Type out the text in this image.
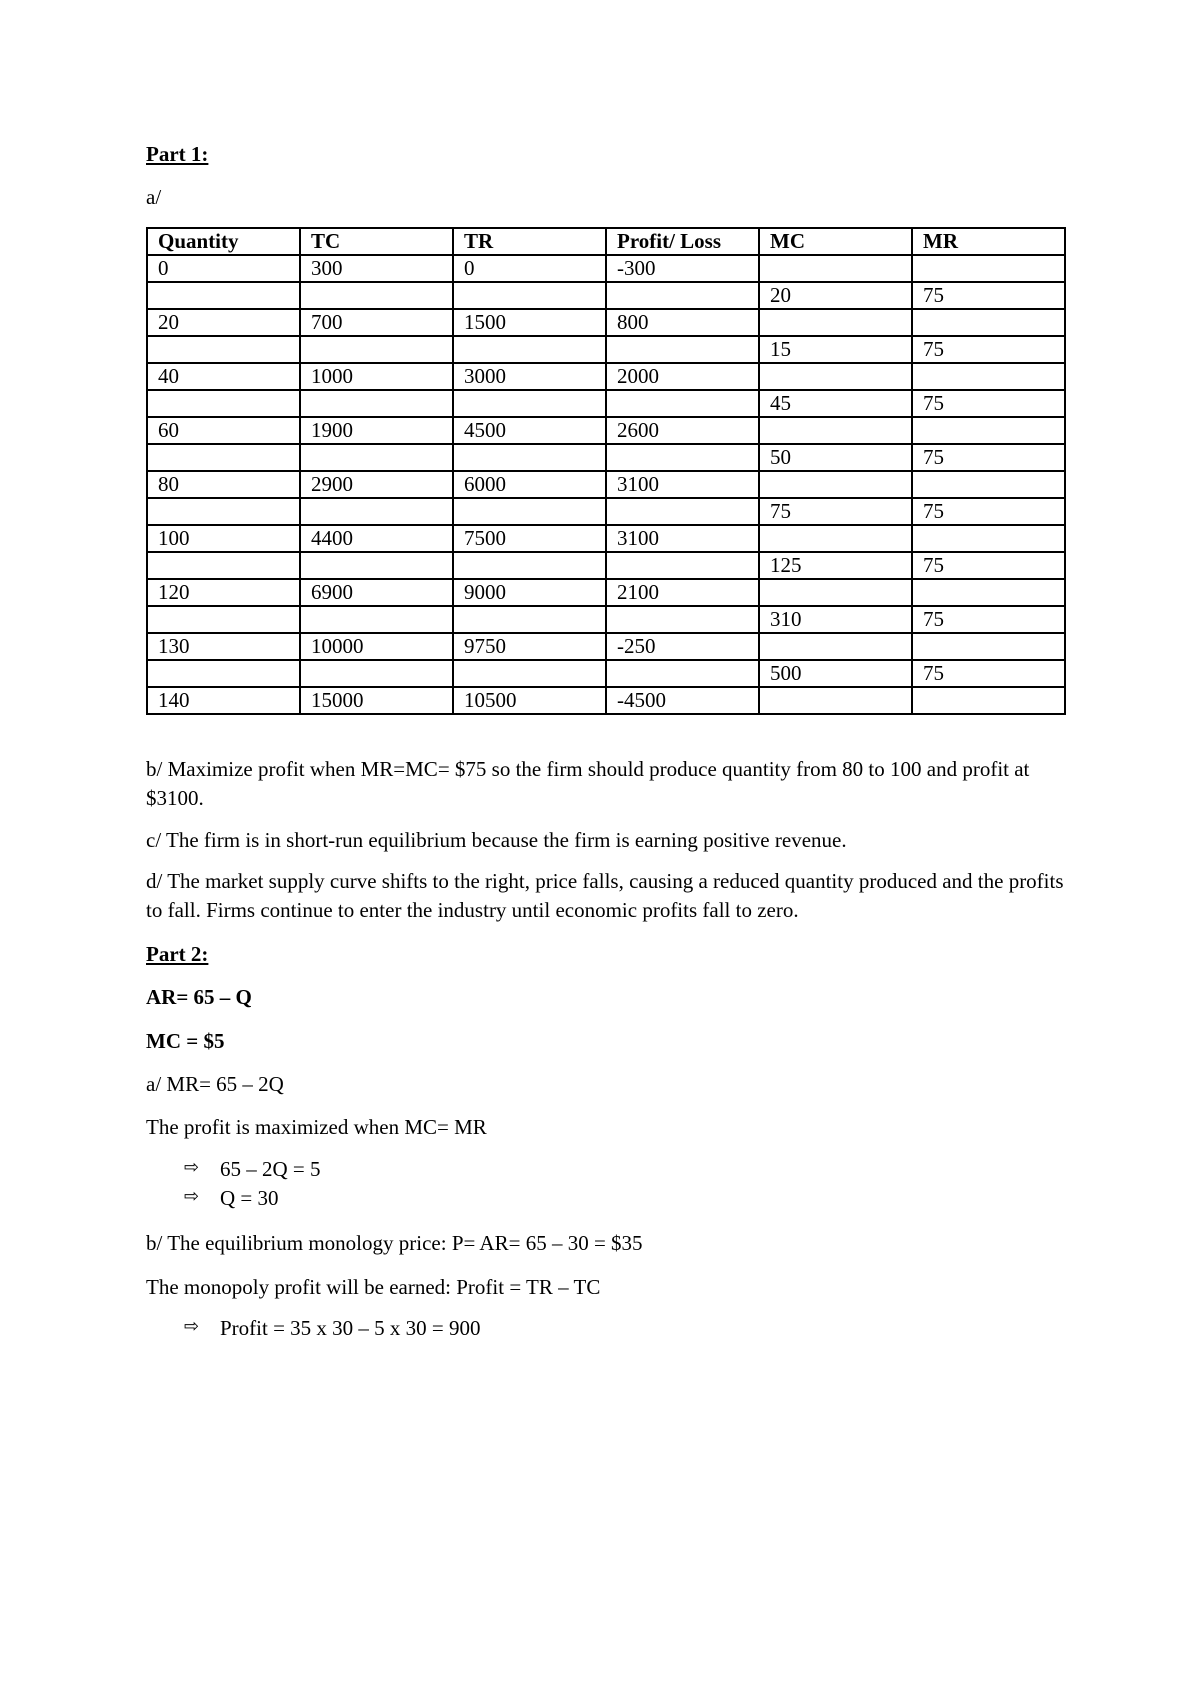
Part 1:

a/

Quantity	TC	TR	Profit/ Loss	MC	MR
0	300	0	-300		
				20	75
20	700	1500	800		
				15	75
40	1000	3000	2000		
				45	75
60	1900	4500	2600		
				50	75
80	2900	6000	3100		
				75	75
100	4400	7500	3100		
				125	75
120	6900	9000	2100		
				310	75
130	10000	9750	-250		
				500	75
140	15000	10500	-4500		

b/ Maximize profit when MR=MC= $75 so the firm should produce quantity from 80 to 100 and profit at $3100.

c/ The firm is in short-run equilibrium because the firm is earning positive revenue.

d/ The market supply curve shifts to the right, price falls, causing a reduced quantity produced and the profits to fall. Firms continue to enter the industry until economic profits fall to zero.

Part 2:

AR= 65 – Q

MC = $5

a/ MR= 65 – 2Q

The profit is maximized when MC= MR

⇨ 65 – 2Q = 5

⇨ Q = 30

b/ The equilibrium monology price: P= AR= 65 – 30 = $35

The monopoly profit will be earned: Profit = TR – TC

⇨ Profit = 35 x 30 – 5 x 30 = 900
